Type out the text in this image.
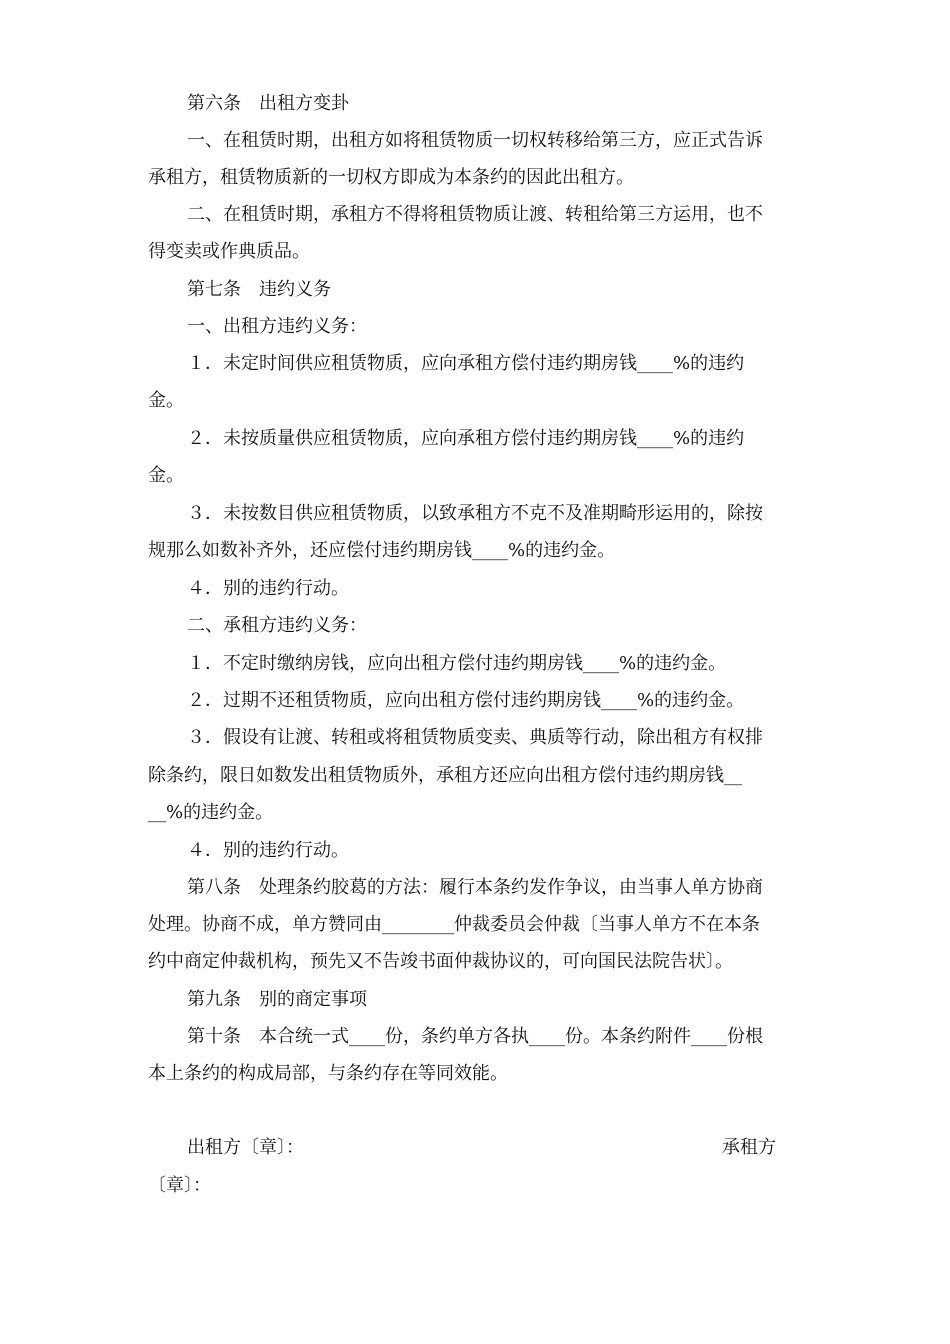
第六条　出租方变卦
一、在租赁时期，出租方如将租赁物质一切权转移给第三方，应正式告诉
承租方，租赁物质新的一切权方即成为本条约的因此出租方。
二、在租赁时期，承租方不得将租赁物质让渡、转租给第三方运用，也不
得变卖或作典质品。
第七条　违约义务
一、出租方违约义务：
１．未定时间供应租赁物质，应向承租方偿付违约期房钱____%的违约
金。
２．未按质量供应租赁物质，应向承租方偿付违约期房钱____%的违约
金。
３．未按数目供应租赁物质，以致承租方不克不及准期畸形运用的，除按
规那么如数补齐外，还应偿付违约期房钱____%的违约金。
４．别的违约行动。
二、承租方违约义务：
１．不定时缴纳房钱，应向出租方偿付违约期房钱____%的违约金。
２．过期不还租赁物质，应向出租方偿付违约期房钱____%的违约金。
３．假设有让渡、转租或将租赁物质变卖、典质等行动，除出租方有权排
除条约，限日如数发出租赁物质外，承租方还应向出租方偿付违约期房钱__
__%的违约金。
４．别的违约行动。
第八条　处理条约胶葛的方法：履行本条约发作争议，由当事人单方协商
处理。协商不成，单方赞同由________仲裁委员会仲裁〔当事人单方不在本条
约中商定仲裁机构，预先又不告竣书面仲裁协议的，可向国民法院告状〕。
第九条　别的商定事项
第十条　本合统一式____份，条约单方各执____份。本条约附件____份根
本上条约的构成局部，与条约存在等同效能。
出租方〔章〕：	承租方
〔章〕：
